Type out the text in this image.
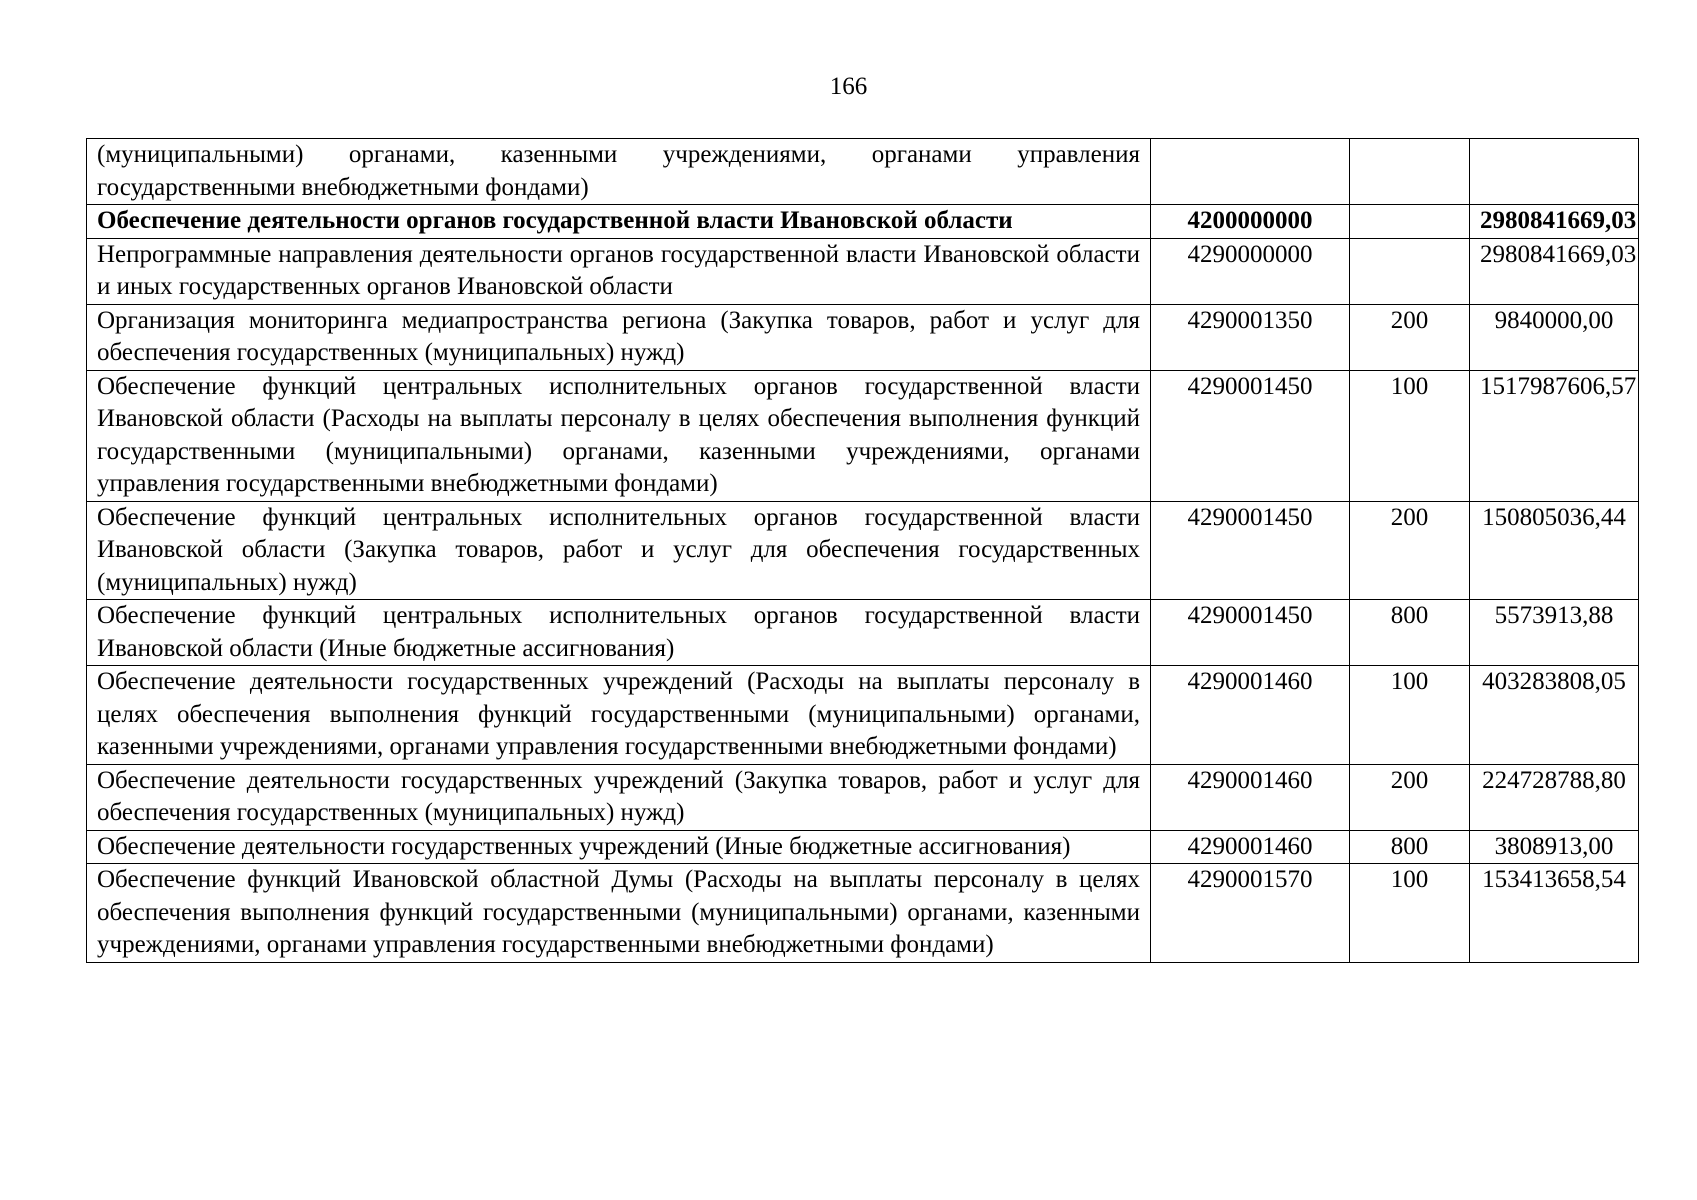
166
(муниципальными) органами, казенными учреждениями, органами управления государственными внебюджетными фондами)			
Обеспечение деятельности органов государственной власти Ивановской области	4200000000		2980841669,03
Непрограммные направления деятельности органов государственной власти Ивановской области и иных государственных органов Ивановской области	4290000000		2980841669,03
Организация мониторинга медиапространства региона (Закупка товаров, работ и услуг для обеспечения государственных (муниципальных) нужд)	4290001350	200	9840000,00
Обеспечение функций центральных исполнительных органов государственной власти Ивановской области (Расходы на выплаты персоналу в целях обеспечения выполнения функций государственными (муниципальными) органами, казенными учреждениями, органами управления государственными внебюджетными фондами)	4290001450	100	1517987606,57
Обеспечение функций центральных исполнительных органов государственной власти Ивановской области (Закупка товаров, работ и услуг для обеспечения государственных (муниципальных) нужд)	4290001450	200	150805036,44
Обеспечение функций центральных исполнительных органов государственной власти Ивановской области (Иные бюджетные ассигнования)	4290001450	800	5573913,88
Обеспечение деятельности государственных учреждений (Расходы на выплаты персоналу в целях обеспечения выполнения функций государственными (муниципальными) органами, казенными учреждениями, органами управления государственными внебюджетными фондами)	4290001460	100	403283808,05
Обеспечение деятельности государственных учреждений (Закупка товаров, работ и услуг для обеспечения государственных (муниципальных) нужд)	4290001460	200	224728788,80
Обеспечение деятельности государственных учреждений (Иные бюджетные ассигнования)	4290001460	800	3808913,00
Обеспечение функций Ивановской областной Думы (Расходы на выплаты персоналу в целях обеспечения выполнения функций государственными (муниципальными) органами, казенными учреждениями, органами управления государственными внебюджетными фондами)	4290001570	100	153413658,54
